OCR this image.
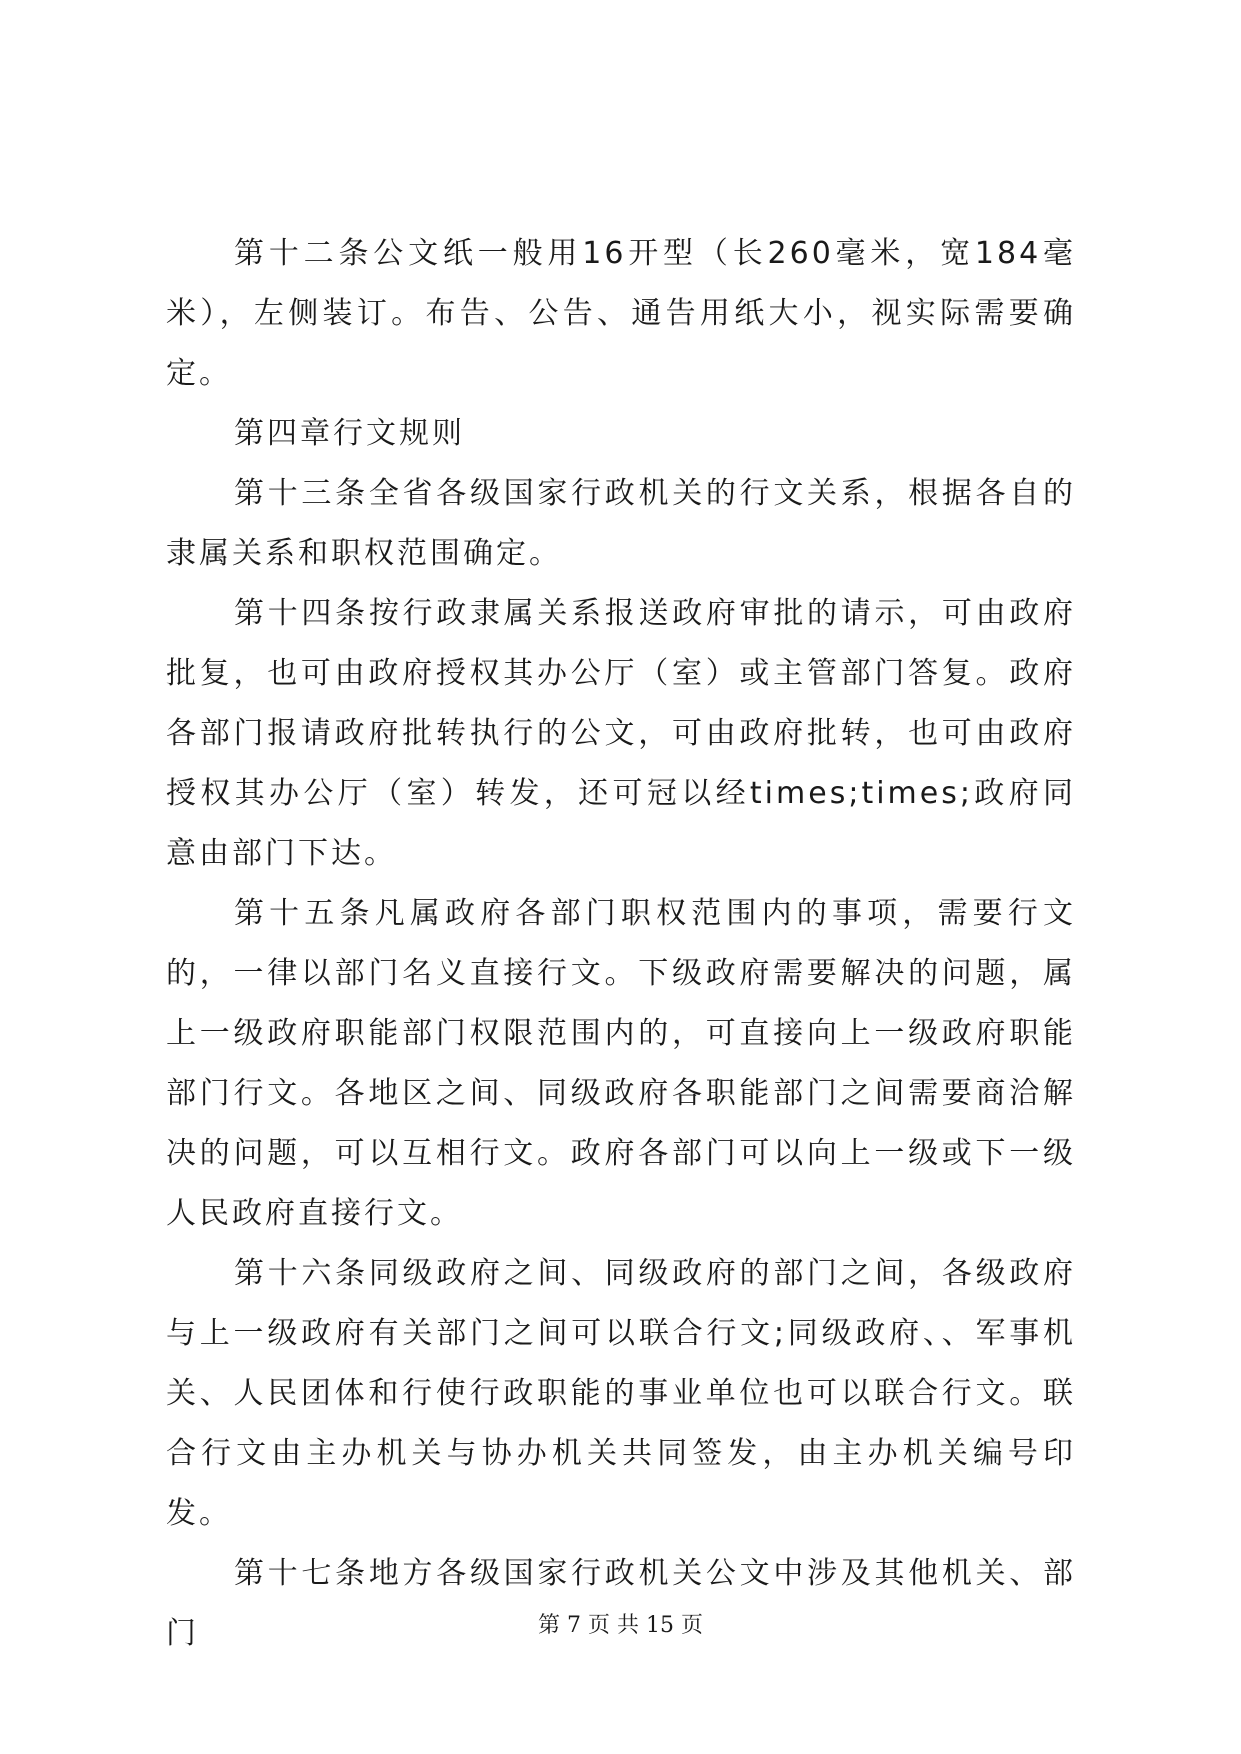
第十二条公文纸一般用16开型（长260毫米，宽184毫米），左侧装订。布告、公告、通告用纸大小，视实际需要确定。

第四章行文规则

第十三条全省各级国家行政机关的行文关系，根据各自的隶属关系和职权范围确定。

第十四条按行政隶属关系报送政府审批的请示，可由政府批复，也可由政府授权其办公厅（室）或主管部门答复。政府各部门报请政府批转执行的公文，可由政府批转，也可由政府授权其办公厅（室）转发，还可冠以经times;times;政府同意由部门下达。

第十五条凡属政府各部门职权范围内的事项，需要行文的，一律以部门名义直接行文。下级政府需要解决的问题，属上一级政府职能部门权限范围内的，可直接向上一级政府职能部门行文。各地区之间、同级政府各职能部门之间需要商洽解决的问题，可以互相行文。政府各部门可以向上一级或下一级人民政府直接行文。

第十六条同级政府之间、同级政府的部门之间，各级政府与上一级政府有关部门之间可以联合行文;同级政府、、军事机关、人民团体和行使行政职能的事业单位也可以联合行文。联合行文由主办机关与协办机关共同签发，由主办机关编号印发。

第十七条地方各级国家行政机关公文中涉及其他机关、部门	第 7 页 共 15 页
